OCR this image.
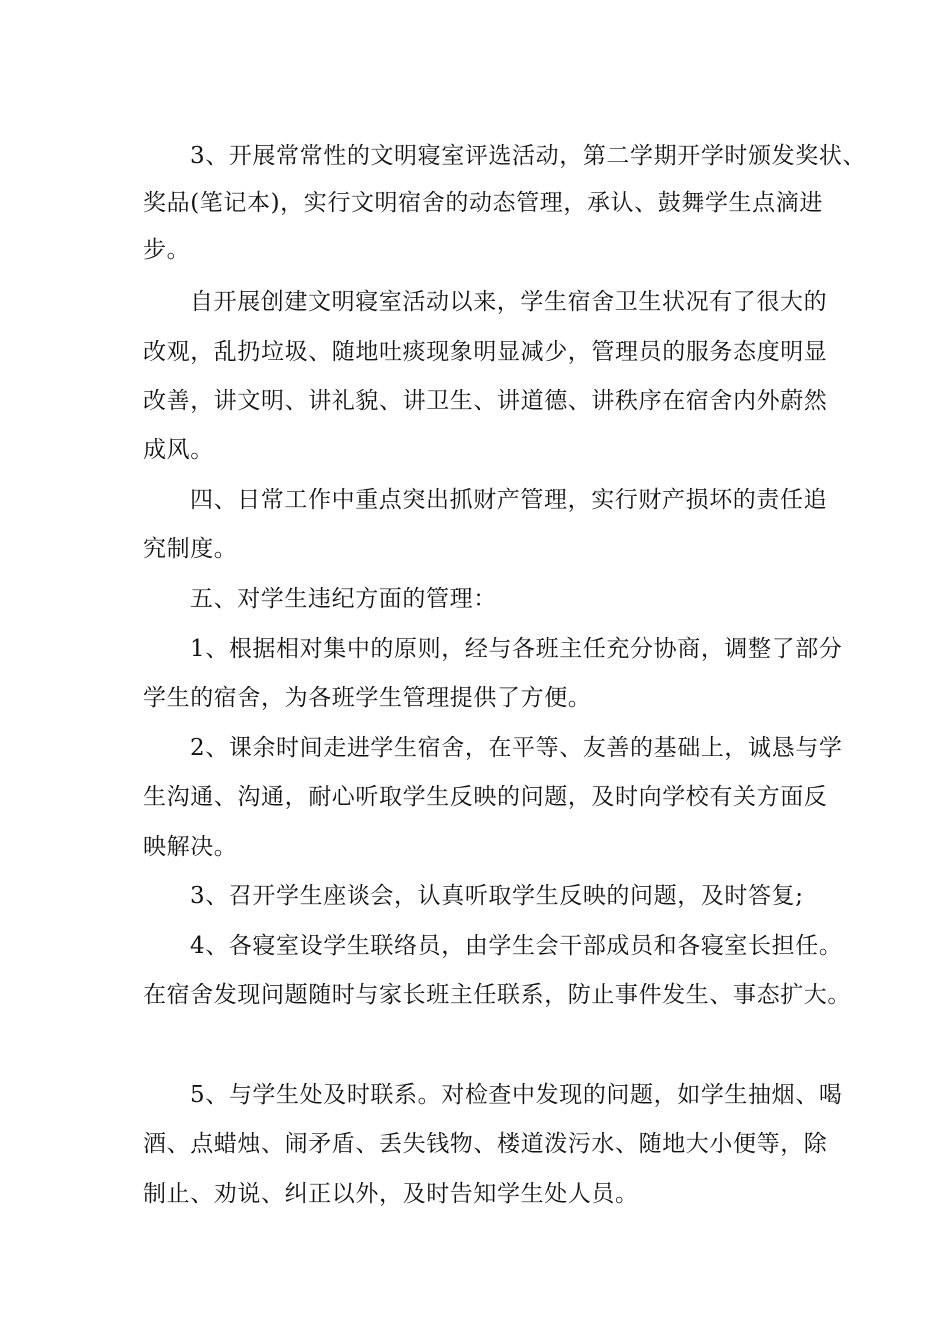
3、开展常常性的文明寝室评选活动，第二学期开学时颁发奖状、
奖品(笔记本)，实行文明宿舍的动态管理，承认、鼓舞学生点滴进
步。
自开展创建文明寝室活动以来，学生宿舍卫生状况有了很大的
改观，乱扔垃圾、随地吐痰现象明显减少，管理员的服务态度明显
改善，讲文明、讲礼貌、讲卫生、讲道德、讲秩序在宿舍内外蔚然
成风。
四、日常工作中重点突出抓财产管理，实行财产损坏的责任追
究制度。
五、对学生违纪方面的管理：
1、根据相对集中的原则，经与各班主任充分协商，调整了部分
学生的宿舍，为各班学生管理提供了方便。
2、课余时间走进学生宿舍，在平等、友善的基础上，诚恳与学
生沟通、沟通，耐心听取学生反映的问题，及时向学校有关方面反
映解决。
3、召开学生座谈会，认真听取学生反映的问题，及时答复;
4、各寝室设学生联络员，由学生会干部成员和各寝室长担任。
在宿舍发现问题随时与家长班主任联系，防止事件发生、事态扩大。
5、与学生处及时联系。对检查中发现的问题，如学生抽烟、喝
酒、点蜡烛、闹矛盾、丢失钱物、楼道泼污水、随地大小便等，除
制止、劝说、纠正以外，及时告知学生处人员。
